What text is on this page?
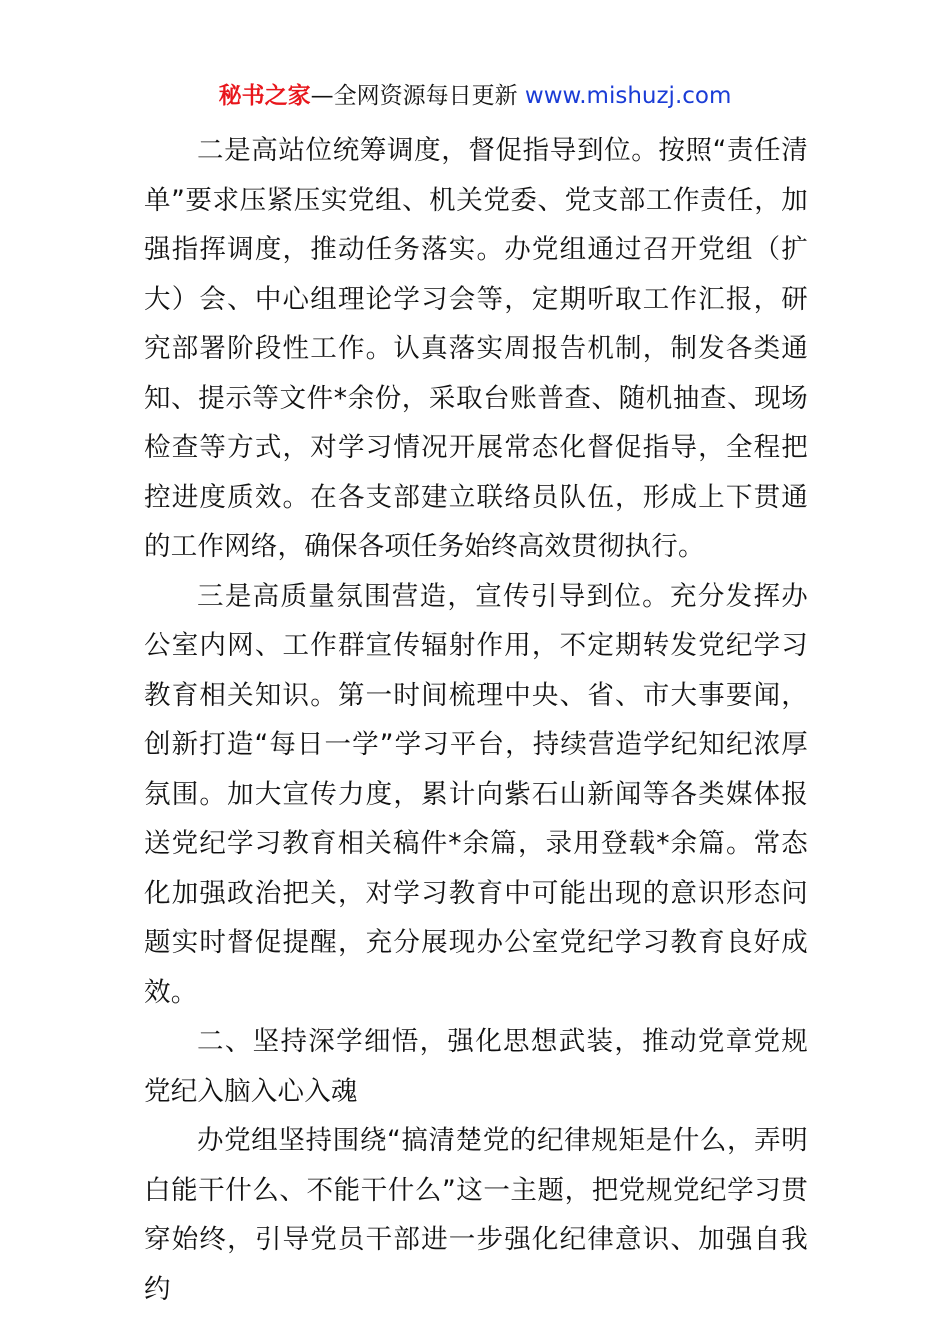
秘书之家—全网资源每日更新 www.mishuzj.com

二是高站位统筹调度，督促指导到位。按照“责任清单”要求压紧压实党组、机关党委、党支部工作责任，加强指挥调度，推动任务落实。办党组通过召开党组（扩大）会、中心组理论学习会等，定期听取工作汇报，研究部署阶段性工作。认真落实周报告机制，制发各类通知、提示等文件*余份，采取台账普查、随机抽查、现场检查等方式，对学习情况开展常态化督促指导，全程把控进度质效。在各支部建立联络员队伍，形成上下贯通的工作网络，确保各项任务始终高效贯彻执行。

三是高质量氛围营造，宣传引导到位。充分发挥办公室内网、工作群宣传辐射作用，不定期转发党纪学习教育相关知识。第一时间梳理中央、省、市大事要闻，创新打造“每日一学”学习平台，持续营造学纪知纪浓厚氛围。加大宣传力度，累计向紫石山新闻等各类媒体报送党纪学习教育相关稿件*余篇，录用登载*余篇。常态化加强政治把关，对学习教育中可能出现的意识形态问题实时督促提醒，充分展现办公室党纪学习教育良好成效。

二、坚持深学细悟，强化思想武装，推动党章党规党纪入脑入心入魂

办党组坚持围绕“搞清楚党的纪律规矩是什么，弄明白能干什么、不能干什么”这一主题，把党规党纪学习贯穿始终，引导党员干部进一步强化纪律意识、加强自我约
